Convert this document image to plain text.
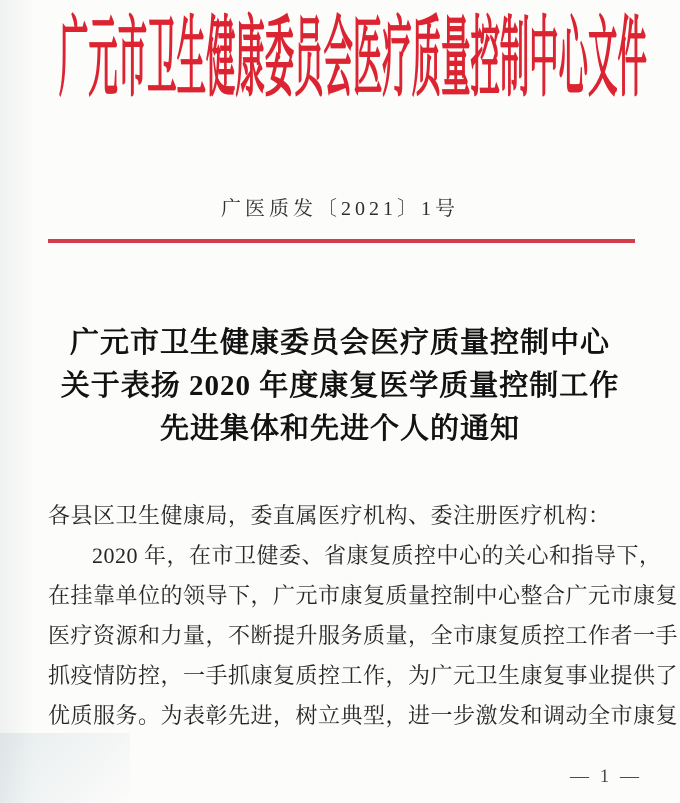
广元市卫生健康委员会医疗质量控制中心文件
广医质发〔2021〕1号
广元市卫生健康委员会医疗质量控制中心
关于表扬 2020 年度康复医学质量控制工作
先进集体和先进个人的通知
各县区卫生健康局，委直属医疗机构、委注册医疗机构：
2020 年，在市卫健委、省康复质控中心的关心和指导下，
在挂靠单位的领导下，广元市康复质量控制中心整合广元市康复
医疗资源和力量，不断提升服务质量，全市康复质控工作者一手
抓疫情防控，一手抓康复质控工作，为广元卫生康复事业提供了
优质服务。为表彰先进，树立典型，进一步激发和调动全市康复
— 1 —
